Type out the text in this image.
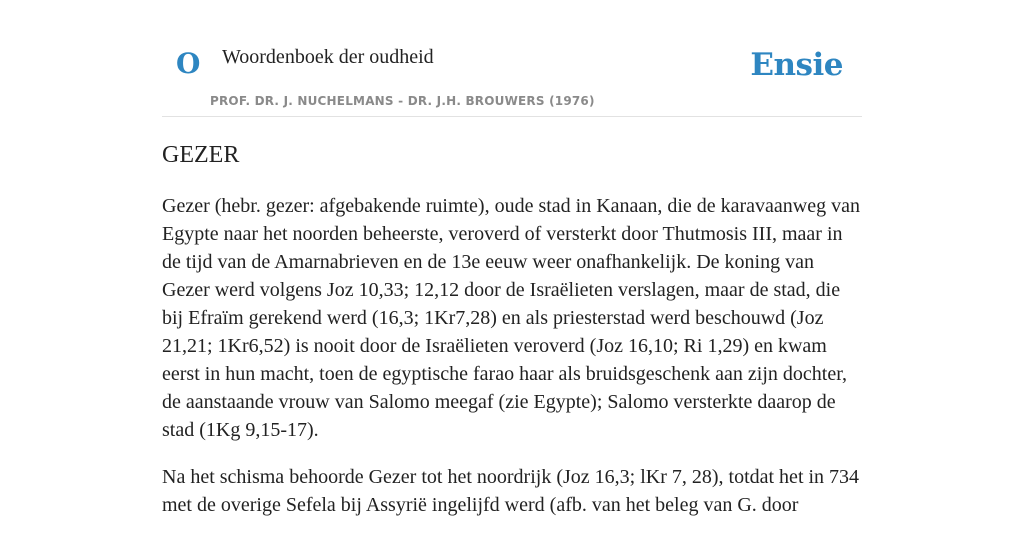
O Woordenboek der oudheid
PROF. DR. J. NUCHELMANS - DR. J.H. BROUWERS (1976)
Ensie
GEZER

Gezer (hebr. gezer: afgebakende ruimte), oude stad in Kanaan, die de karavaanweg van Egypte naar het noorden beheerste, veroverd of versterkt door Thutmosis III, maar in de tijd van de Amarnabrieven en de 13e eeuw weer onafhankelijk. De koning van Gezer werd volgens Joz 10,33; 12,12 door de Israëlieten verslagen, maar de stad, die bij Efraïm gerekend werd (16,3; 1Kr7,28) en als priesterstad werd beschouwd (Joz 21,21; 1Kr6,52) is nooit door de Israëlieten veroverd (Joz 16,10; Ri 1,29) en kwam eerst in hun macht, toen de egyptische farao haar als bruidsgeschenk aan zijn dochter, de aanstaande vrouw van Salomo meegaf (zie Egypte); Salomo versterkte daarop de stad (1Kg 9,15-17).

Na het schisma behoorde Gezer tot het noordrijk (Joz 16,3; lKr 7, 28), totdat het in 734 met de overige Sefela bij Assyrië ingelijfd werd (afb. van het beleg van G. door
